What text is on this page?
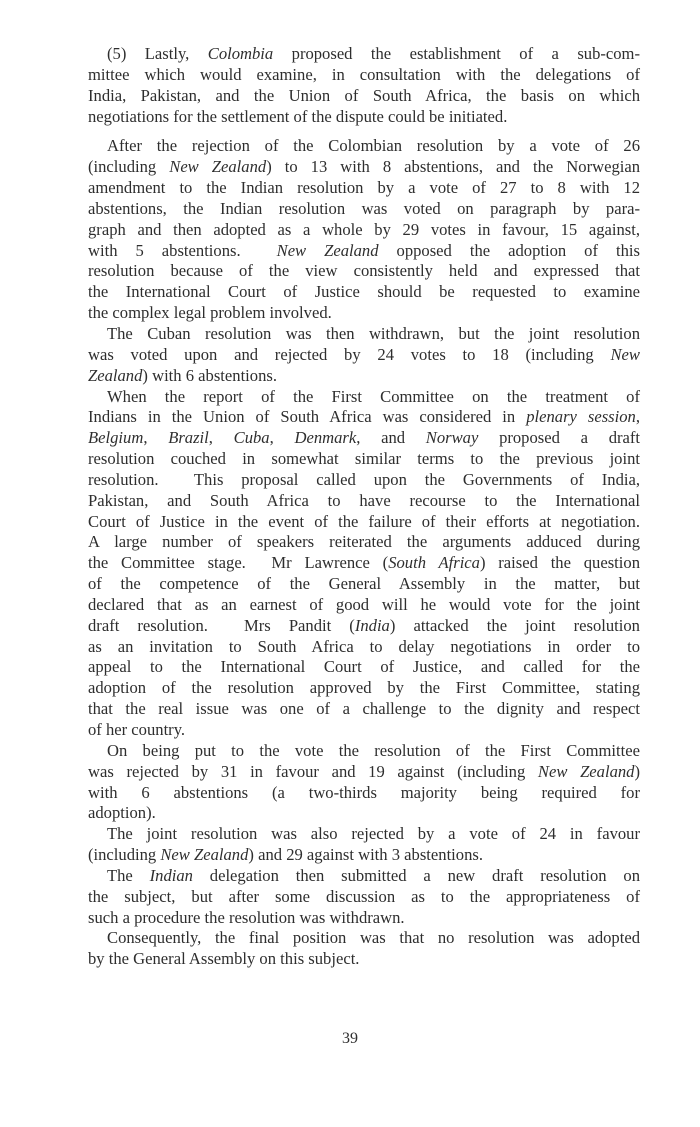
(5) Lastly, Colombia proposed the establishment of a sub-com-
mittee which would examine, in consultation with the delegations of
India, Pakistan, and the Union of South Africa, the basis on which
negotiations for the settlement of the dispute could be initiated.
After the rejection of the Colombian resolution by a vote of 26
(including New Zealand) to 13 with 8 abstentions, and the Norwegian
amendment to the Indian resolution by a vote of 27 to 8 with 12
abstentions, the Indian resolution was voted on paragraph by para-
graph and then adopted as a whole by 29 votes in favour, 15 against,
with 5 abstentions.  New Zealand opposed the adoption of this
resolution because of the view consistently held and expressed that
the International Court of Justice should be requested to examine
the complex legal problem involved.
The Cuban resolution was then withdrawn, but the joint resolution
was voted upon and rejected by 24 votes to 18 (including New
Zealand) with 6 abstentions.
When the report of the First Committee on the treatment of
Indians in the Union of South Africa was considered in plenary session,
Belgium, Brazil, Cuba, Denmark, and Norway proposed a draft
resolution couched in somewhat similar terms to the previous joint
resolution.  This proposal called upon the Governments of India,
Pakistan, and South Africa to have recourse to the International
Court of Justice in the event of the failure of their efforts at negotiation.
A large number of speakers reiterated the arguments adduced during
the Committee stage.  Mr Lawrence (South Africa) raised the question
of the competence of the General Assembly in the matter, but
declared that as an earnest of good will he would vote for the joint
draft resolution.  Mrs Pandit (India) attacked the joint resolution
as an invitation to South Africa to delay negotiations in order to
appeal to the International Court of Justice, and called for the
adoption of the resolution approved by the First Committee, stating
that the real issue was one of a challenge to the dignity and respect
of her country.
On being put to the vote the resolution of the First Committee
was rejected by 31 in favour and 19 against (including New Zealand)
with 6 abstentions (a two-thirds majority being required for
adoption).
The joint resolution was also rejected by a vote of 24 in favour
(including New Zealand) and 29 against with 3 abstentions.
The Indian delegation then submitted a new draft resolution on
the subject, but after some discussion as to the appropriateness of
such a procedure the resolution was withdrawn.
Consequently, the final position was that no resolution was adopted
by the General Assembly on this subject.
39
